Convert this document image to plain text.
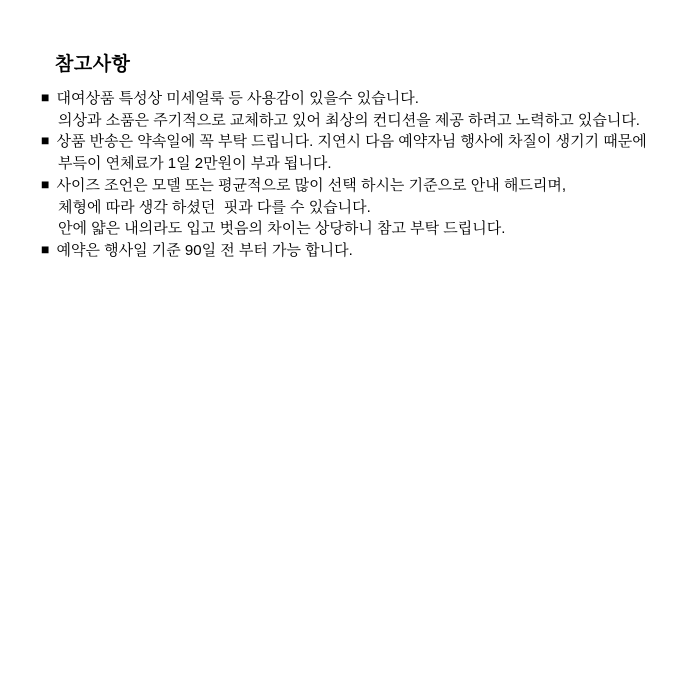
참고사항
■ 대여상품 특성상 미세얼룩 등 사용감이 있을수 있습니다.
의상과 소품은 주기적으로 교체하고 있어 최상의 컨디션을 제공 하려고 노력하고 있습니다.
■ 상품 반송은 약속일에 꼭 부탁 드립니다. 지연시 다음 예약자님 행사에 차질이 생기기 때문에
부득이 연체료가 1일 2만원이 부과 됩니다.
■ 사이즈 조언은 모델 또는 평균적으로 많이 선택 하시는 기준으로 안내 해드리며,
체형에 따라 생각 하셨던  핏과 다를 수 있습니다.
안에 얇은 내의라도 입고 벗음의 차이는 상당하니 참고 부탁 드립니다.
■ 예약은 행사일 기준 90일 전 부터 가능 합니다.
